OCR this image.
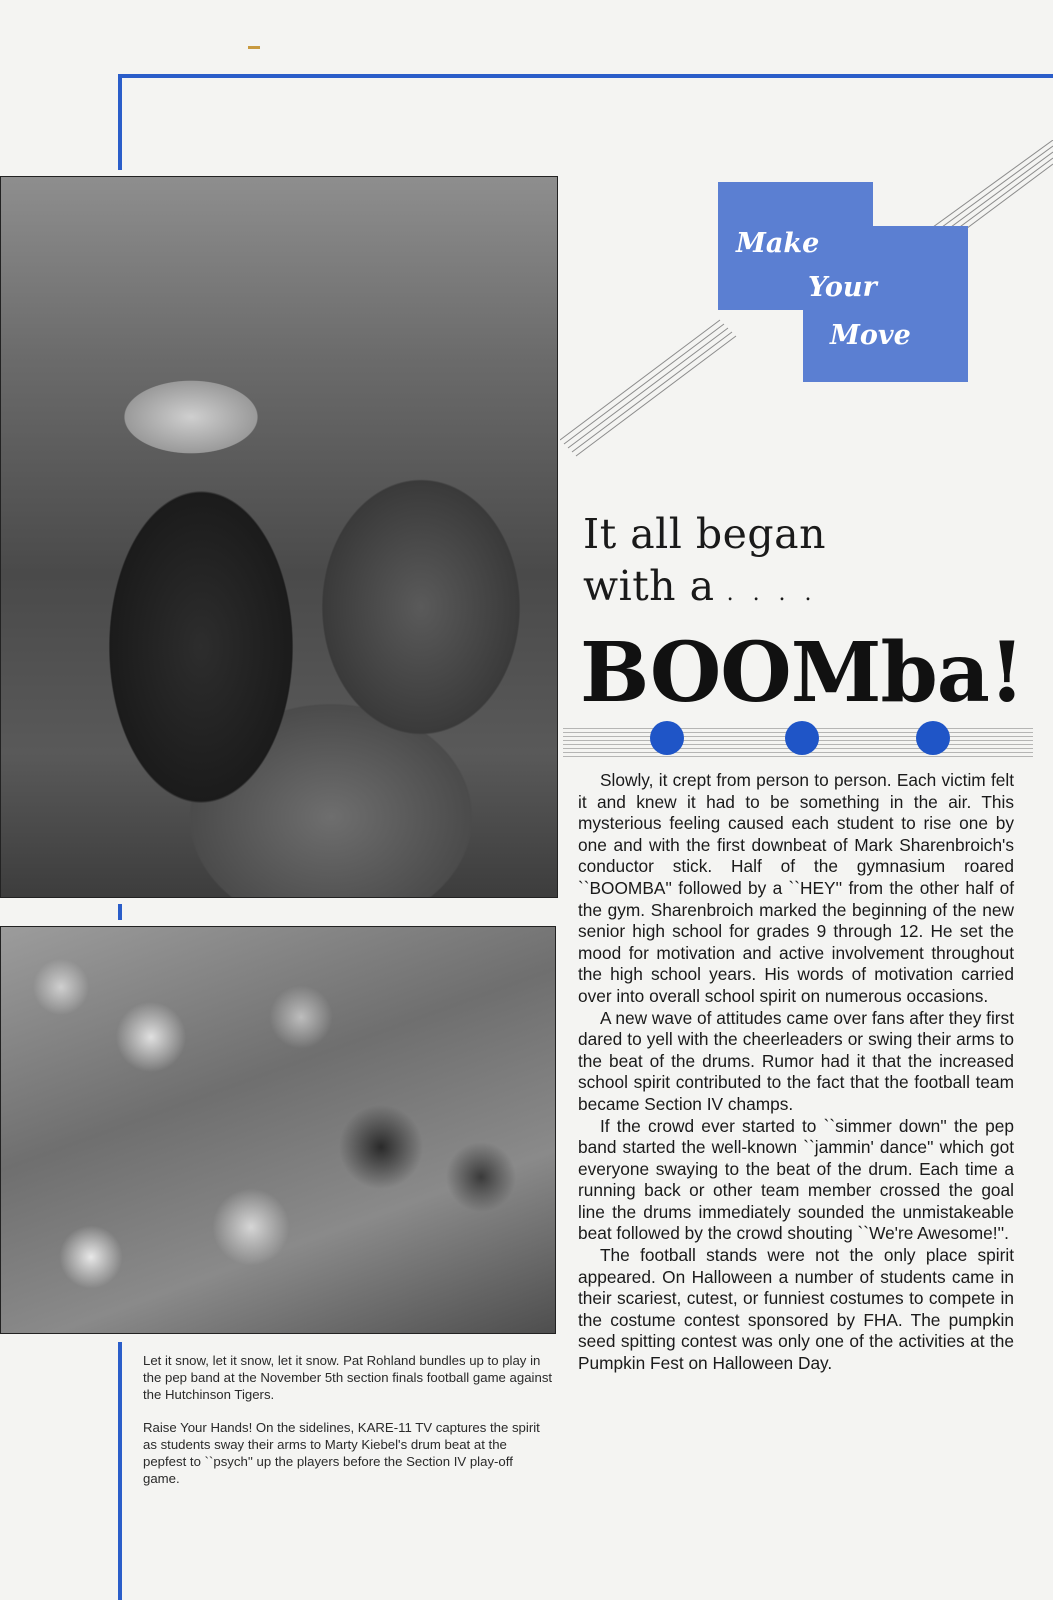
Let it snow, let it snow, let it snow. Pat Rohland bundles up to play in the pep band at the November 5th section finals football game against the Hutchinson Tigers.

Raise Your Hands! On the sidelines, KARE-11 TV captures the spirit as students sway their arms to Marty Kiebel's drum beat at the pepfest to ``psych'' up the players before the Section IV play-off game.

Make
Your
Move
It all began
with a . . . .
BOOMba!

Slowly, it crept from person to person. Each victim felt it and knew it had to be something in the air. This mysterious feeling caused each student to rise one by one and with the first downbeat of Mark Sharenbroich's conductor stick. Half of the gymnasium roared ``BOOMBA'' followed by a ``HEY'' from the other half of the gym. Sharenbroich marked the beginning of the new senior high school for grades 9 through 12. He set the mood for motivation and active involvement throughout the high school years. His words of motivation carried over into overall school spirit on numerous occasions.

A new wave of attitudes came over fans after they first dared to yell with the cheerleaders or swing their arms to the beat of the drums. Rumor had it that the increased school spirit contributed to the fact that the football team became Section IV champs.

If the crowd ever started to ``simmer down'' the pep band started the well-known ``jammin' dance'' which got everyone swaying to the beat of the drum. Each time a running back or other team member crossed the goal line the drums immediately sounded the unmistakeable beat followed by the crowd shouting ``We're Awesome!''.

The football stands were not the only place spirit appeared. On Halloween a number of students came in their scariest, cutest, or funniest costumes to compete in the costume contest sponsored by FHA. The pumpkin seed spitting contest was only one of the activities at the Pumpkin Fest on Halloween Day.
